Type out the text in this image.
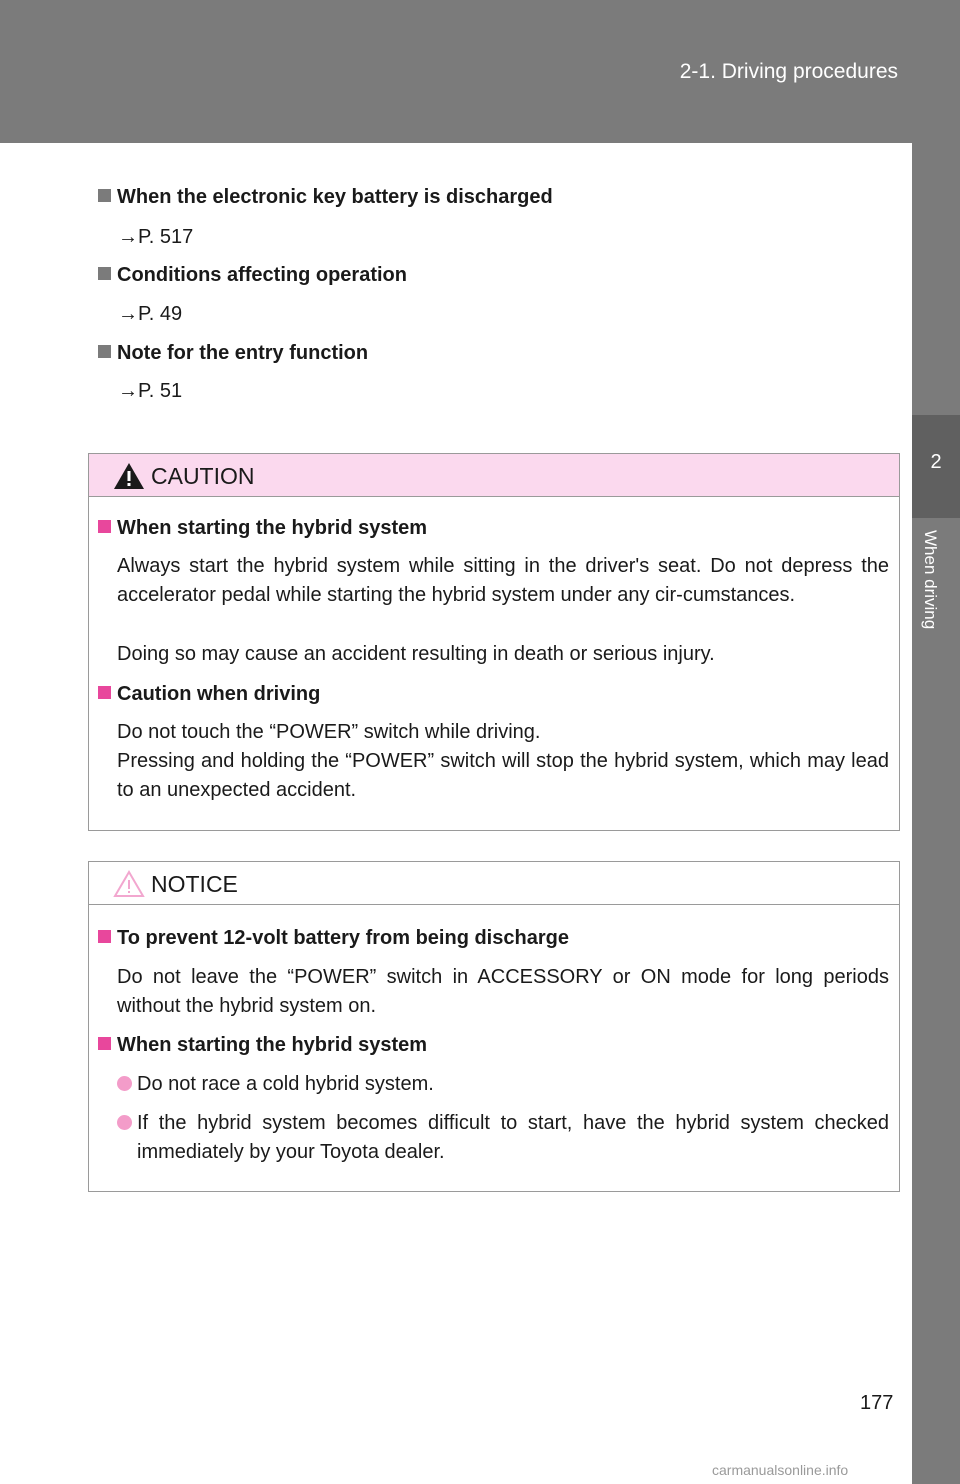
2-1. Driving procedures
2
When driving
When the electronic key battery is discharged
→P. 517
Conditions affecting operation
→P. 49
Note for the entry function
→P. 51
CAUTION
When starting the hybrid system
Always start the hybrid system while sitting in the driver's seat. Do not depress the accelerator pedal while starting the hybrid system under any cir-cumstances.
Doing so may cause an accident resulting in death or serious injury.
Caution when driving
Do not touch the “POWER” switch while driving.
Pressing and holding the “POWER” switch will stop the hybrid system, which may lead to an unexpected accident.
NOTICE
To prevent 12-volt battery from being discharge
Do not leave the “POWER” switch in ACCESSORY or ON mode for long periods without the hybrid system on.
When starting the hybrid system
Do not race a cold hybrid system.
If the hybrid system becomes difficult to start, have the hybrid system checked immediately by your Toyota dealer.
177
carmanualsonline.info
